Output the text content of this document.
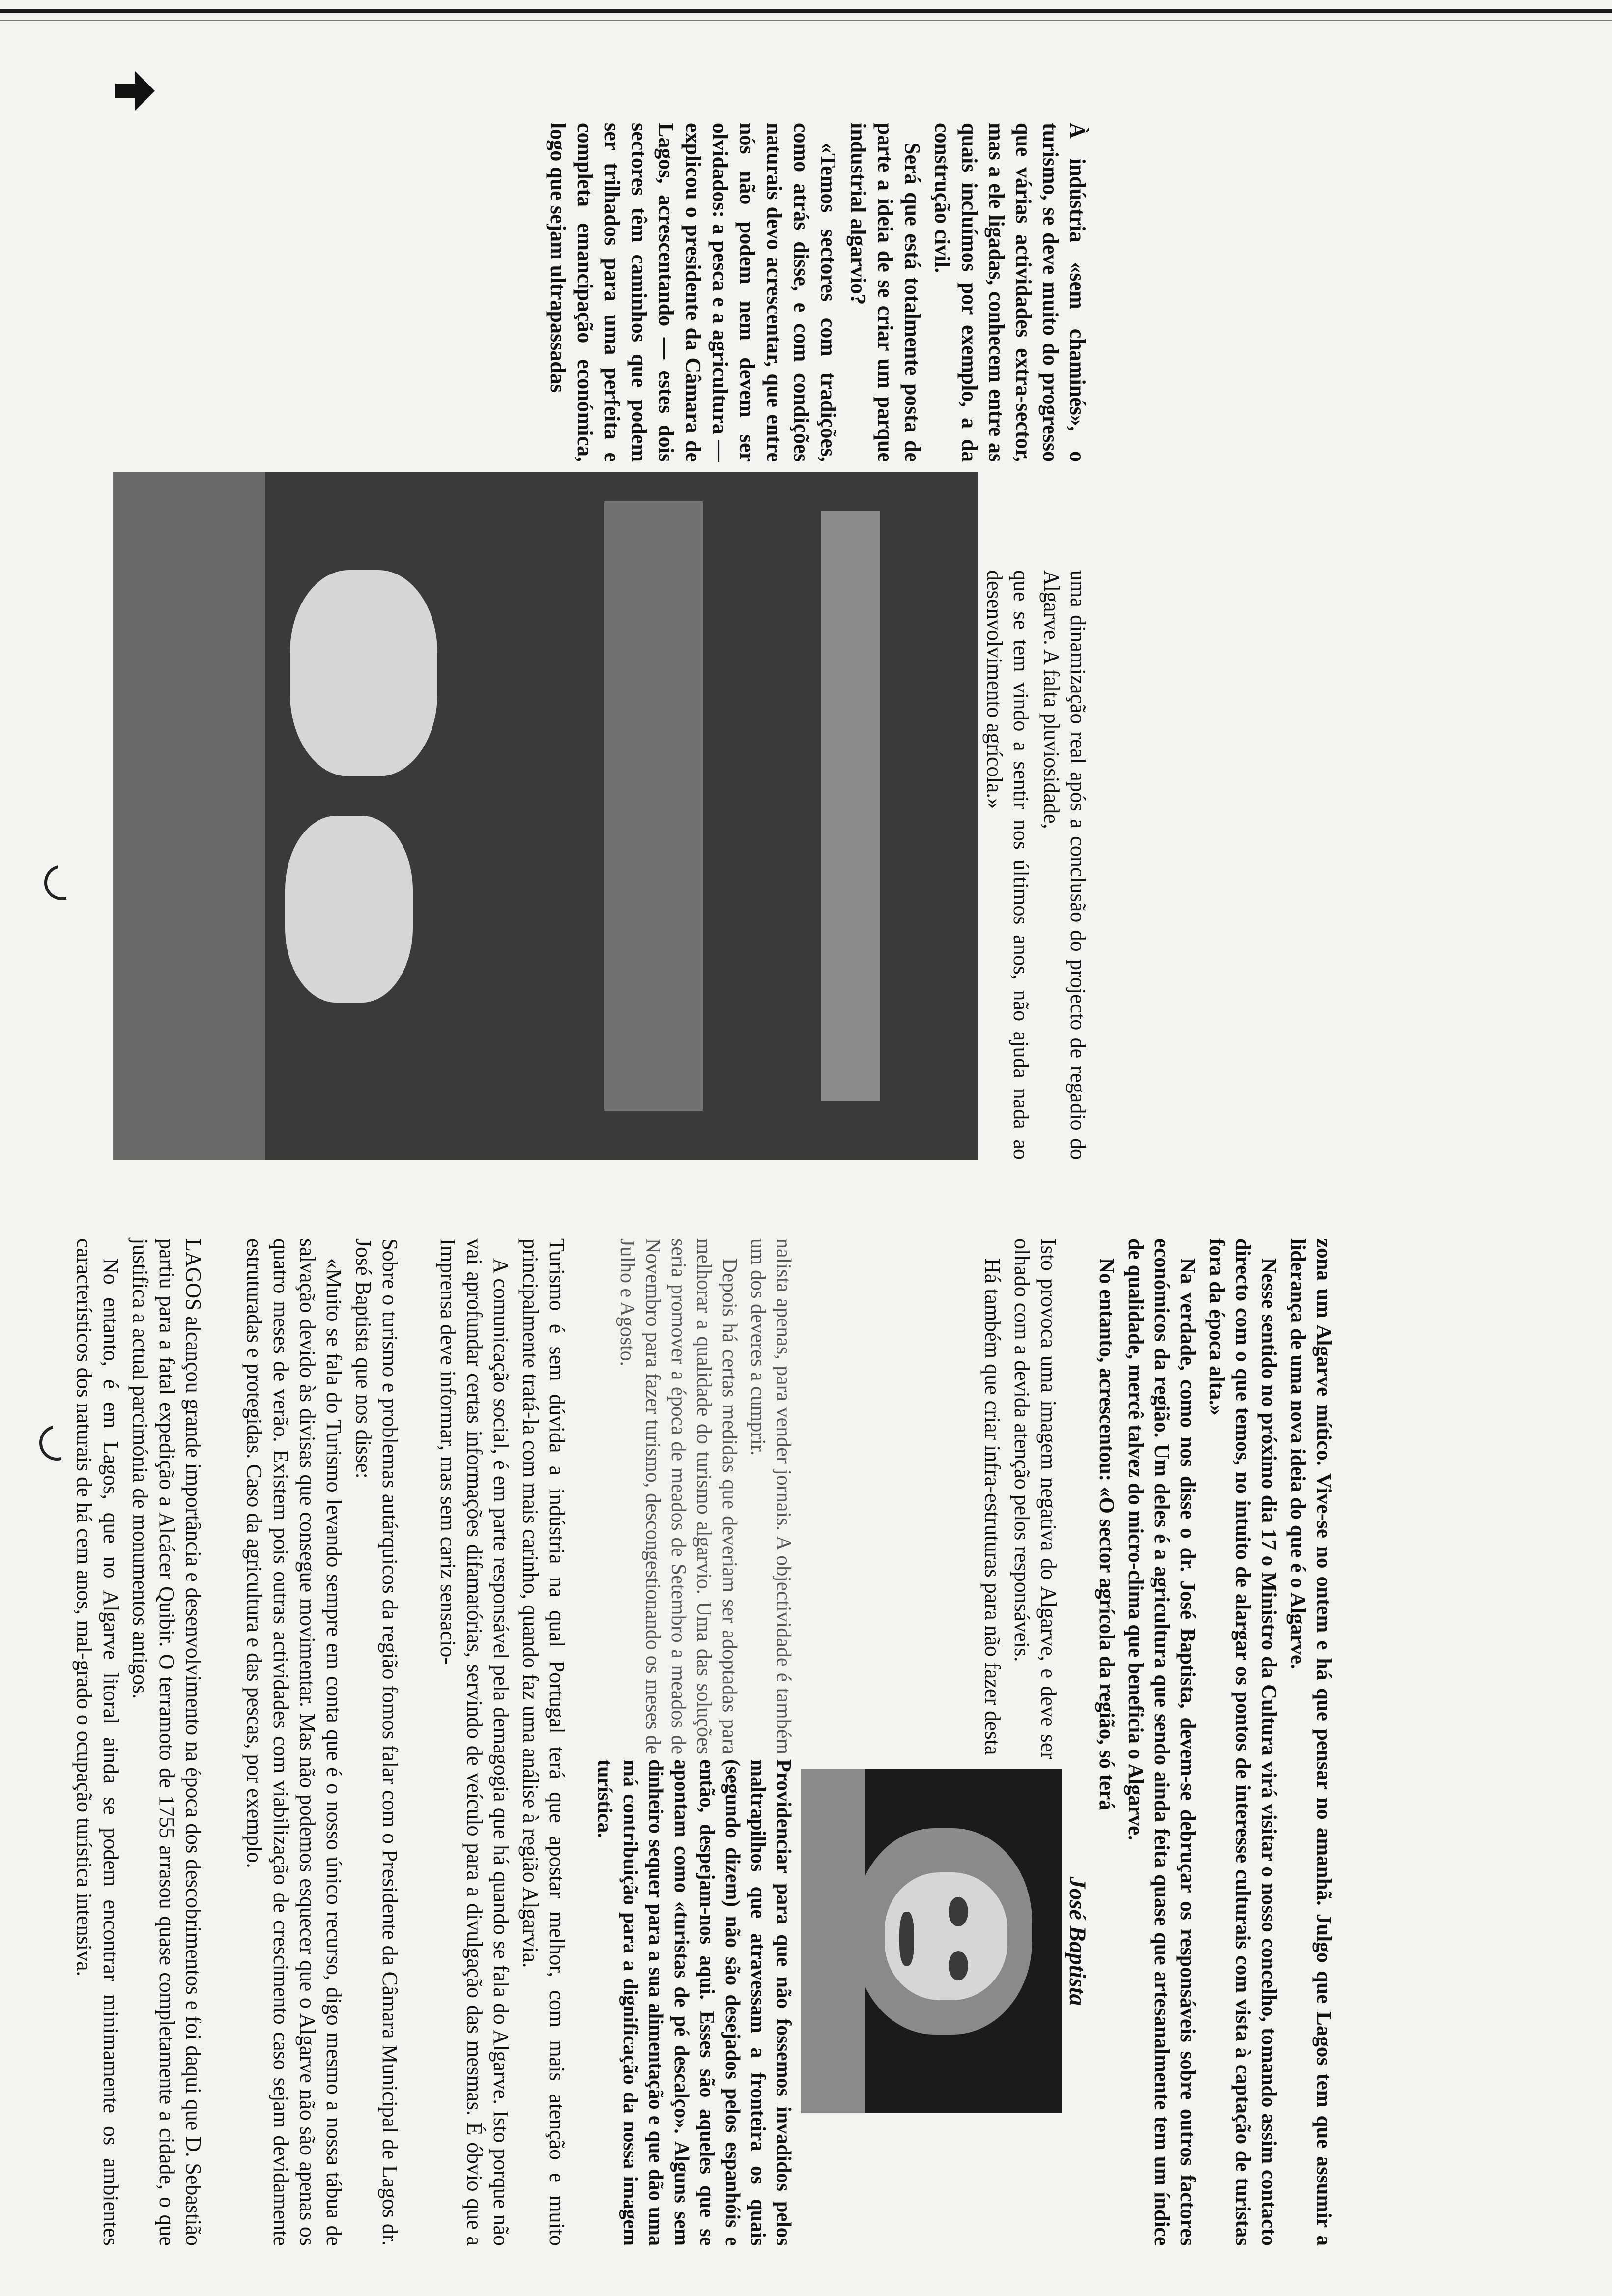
LAGOS alcançou grande importância e desenvolvimento na época dos descobrimentos e foi daqui que D. Sebastião partiu para a fatal expedição a Alcácer Quibir. O terramoto de 1755 arrasou quase completamente a cidade, o que justifica a actual parcimónia de monumentos antigos.

No entanto, é em Lagos, que no Algarve litoral ainda se podem encontrar minimamente os ambientes característicos dos naturais de há cem anos, mal-grado o ocupação turística intensiva.	Sobre o turismo e problemas autárquicos da região fomos falar com o Presidente da Câmara Municipal de Lagos dr. José Baptista que nos disse:

«Muito se fala do Turismo levando sempre em conta que é o nosso único recurso, digo mesmo a nossa tábua de salvação devido às divisas que consegue movimentar. Mas não podemos esquecer que o Algarve não são apenas os quatro meses de verão. Existem pois outras actividades com viabilização de crescimento caso sejam devidamente estruturadas e protegidas. Caso da agricultura e das pescas, por exemplo.	Turismo é sem dúvida a indústria na qual Portugal terá que apostar melhor, com mais atenção e muito principalmente tratá-la com mais carinho, quando faz uma análise à região Algarvia.

A comunicação social, é em parte responsável pela demagogia que há quando se fala do Algarve. Isto porque não vai aprofundar certas informações difamatórias, servindo de veículo para a divulgação das mesmas. É óbvio que a Imprensa deve informar, mas sem cariz sensacio-	nalista apenas, para vender jornais. A objectividade é também um dos deveres a cumprir.

Depois há certas medidas que deveriam ser adoptadas para melhorar a qualidade do turismo algarvio. Uma das soluções seria promover a época de meados de Setembro a meados de Novembro para fazer turismo, descongestionando os meses de Julho e Agosto.

Providenciar para que não fossemos invadidos pelos maltrapilhos que atravessam a fronteira os quais (segundo dizem) não são desejados pelos espanhóis e então, despejam-nos aqui. Esses são aqueles que se apontam como «turistas de pé descalço». Alguns sem dinheiro sequer para a sua alimentação e que dão uma má contribuição para a dignificação da nossa imagem turística.

José Baptista

Isto provoca uma imagem negativa do Algarve, e deve ser olhado com a devida atenção pelos responsáveis.

Há também que criar infra-estruturas para não fazer desta	zona um Algarve mítico. Vive-se no ontem e há que pensar no amanhã. Julgo que Lagos tem que assumir a liderança de uma nova ideia do que é o Algarve.

Nesse sentido no próximo dia 17 o Ministro da Cultura virá visitar o nosso concelho, tomando assim contacto directo com o que temos, no intuito de alargar os pontos de interesse culturais com vista à captação de turistas fora da época alta.»

Na verdade, como nos disse o dr. José Baptista, devem-se debruçar os responsáveis sobre outros factores económicos da região. Um deles é a agricultura que sendo ainda feita quase que artesanalmente tem um índice de qualidade, mercê talvez do micro-clima que beneficia o Algarve.

No entanto, acrescentou: «O sector agrícola da região, só terá

uma dinamização real após a conclusão do projecto de regadio do Algarve. A falta pluviosidade,

que se tem vindo a sentir nos últimos anos, não ajuda nada ao desenvolvimento agrícola.»

À indústria «sem chaminés», o turismo, se deve muito do progresso que várias actividades extra-sector, mas a ele ligadas, conhecem entre as quais incluímos por exemplo, a da construção civil.

Será que está totalmente posta de parte a ideia de se criar um parque industrial algarvio?

«Temos sectores com tradições, como atrás disse, e com condições naturais devo acrescentar, que entre nós não podem nem devem ser olvidados: a pesca e a agricultura — explicou o presidente da Câmara de Lagos, acrescentando — estes dois sectores têm caminhos que podem ser trilhados para uma perfeita e completa emancipação económica, logo que sejam ultrapassadas
